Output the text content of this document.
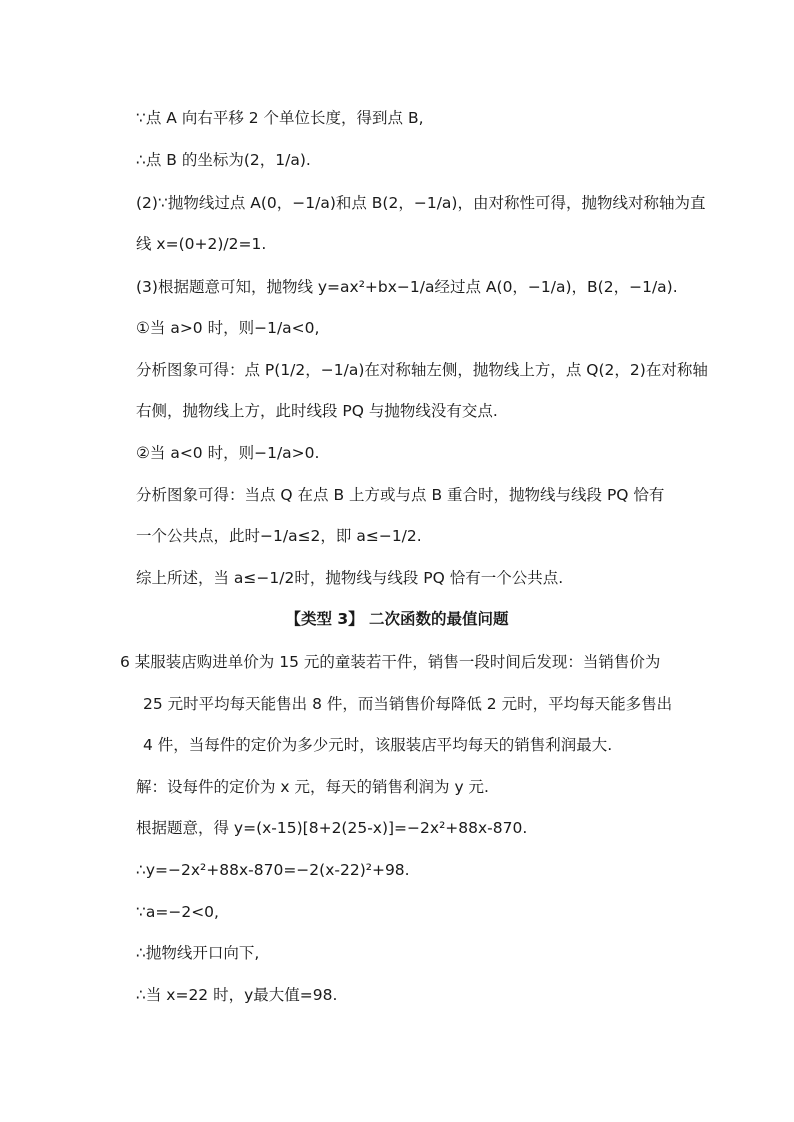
∵点 A 向右平移 2 个单位长度，得到点 B,
∴点 B 的坐标为(2，1/a).
(2)∵抛物线过点 A(0，−1/a)和点 B(2，−1/a)，由对称性可得，抛物线对称轴为直
线 x=(0+2)/2=1.
(3)根据题意可知，抛物线 y=ax²+bx−1/a经过点 A(0，−1/a)，B(2，−1/a).
①当 a>0 时，则−1/a<0,
分析图象可得：点 P(1/2，−1/a)在对称轴左侧，抛物线上方，点 Q(2，2)在对称轴
右侧，抛物线上方，此时线段 PQ 与抛物线没有交点.
②当 a<0 时，则−1/a>0.
分析图象可得：当点 Q 在点 B 上方或与点 B 重合时，抛物线与线段 PQ 恰有
一个公共点，此时−1/a≤2，即 a≤−1/2.
综上所述，当 a≤−1/2时，抛物线与线段 PQ 恰有一个公共点.
【类型 3】 二次函数的最值问题
6 某服装店购进单价为 15 元的童装若干件，销售一段时间后发现：当销售价为
25 元时平均每天能售出 8 件，而当销售价每降低 2 元时，平均每天能多售出
4 件，当每件的定价为多少元时，该服装店平均每天的销售利润最大.
解：设每件的定价为 x 元，每天的销售利润为 y 元.
根据题意，得 y=(x-15)[8+2(25-x)]=−2x²+88x-870.
∴y=−2x²+88x-870=−2(x-22)²+98.
∵a=−2<0,
∴抛物线开口向下,
∴当 x=22 时，y最大值=98.
